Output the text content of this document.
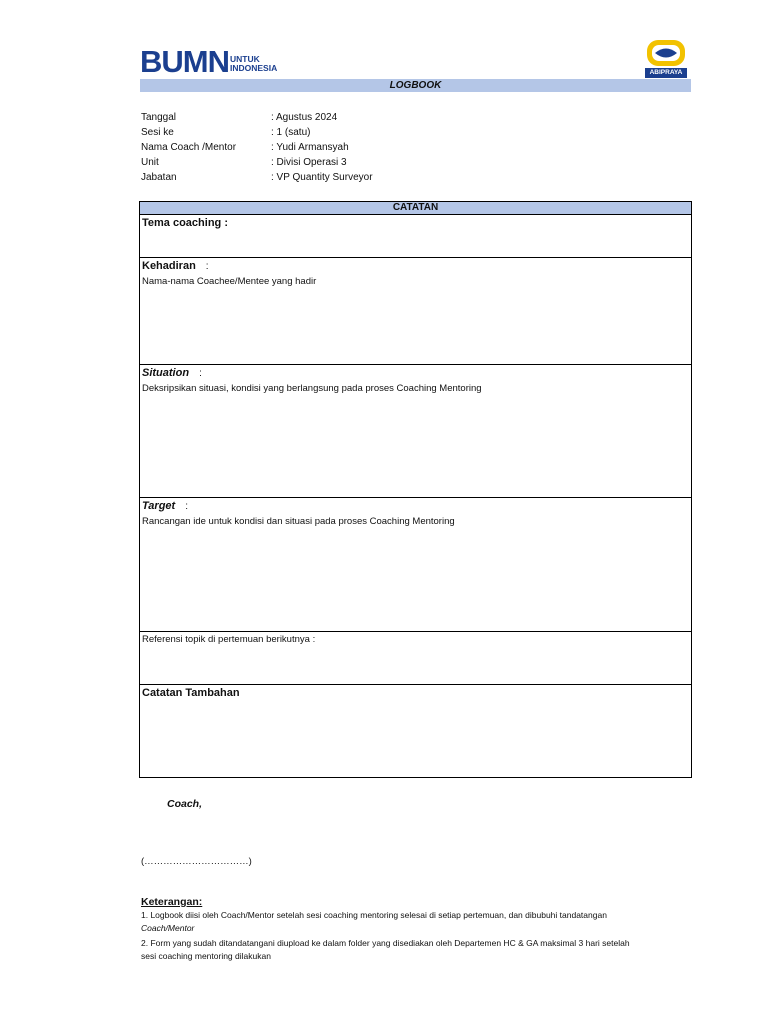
BUMN UNTUK
INDONESIA	ABIPRAYA
LOGBOOK
Tanggal	: Agustus 2024
Sesi ke	: 1 (satu)
Nama Coach /Mentor	: Yudi Armansyah
Unit	: Divisi Operasi 3
Jabatan	: VP Quantity Surveyor
CATATAN
Tema coaching :
Kehadiran :
Nama-nama Coachee/Mentee yang hadir
Situation :
Deksripsikan situasi, kondisi yang berlangsung pada proses Coaching Mentoring
Target :
Rancangan ide untuk kondisi dan situasi pada proses Coaching Mentoring
Referensi topik di pertemuan berikutnya :
Catatan Tambahan
Coach,
(……………………………)
Keterangan:
1. Logbook diisi oleh Coach/Mentor setelah sesi coaching mentoring selesai di setiap pertemuan, dan dibubuhi tandatangan
Coach/Mentor
2. Form yang sudah ditandatangani diupload ke dalam folder yang disediakan oleh Departemen HC & GA maksimal 3 hari setelah
sesi coaching mentoring dilakukan
